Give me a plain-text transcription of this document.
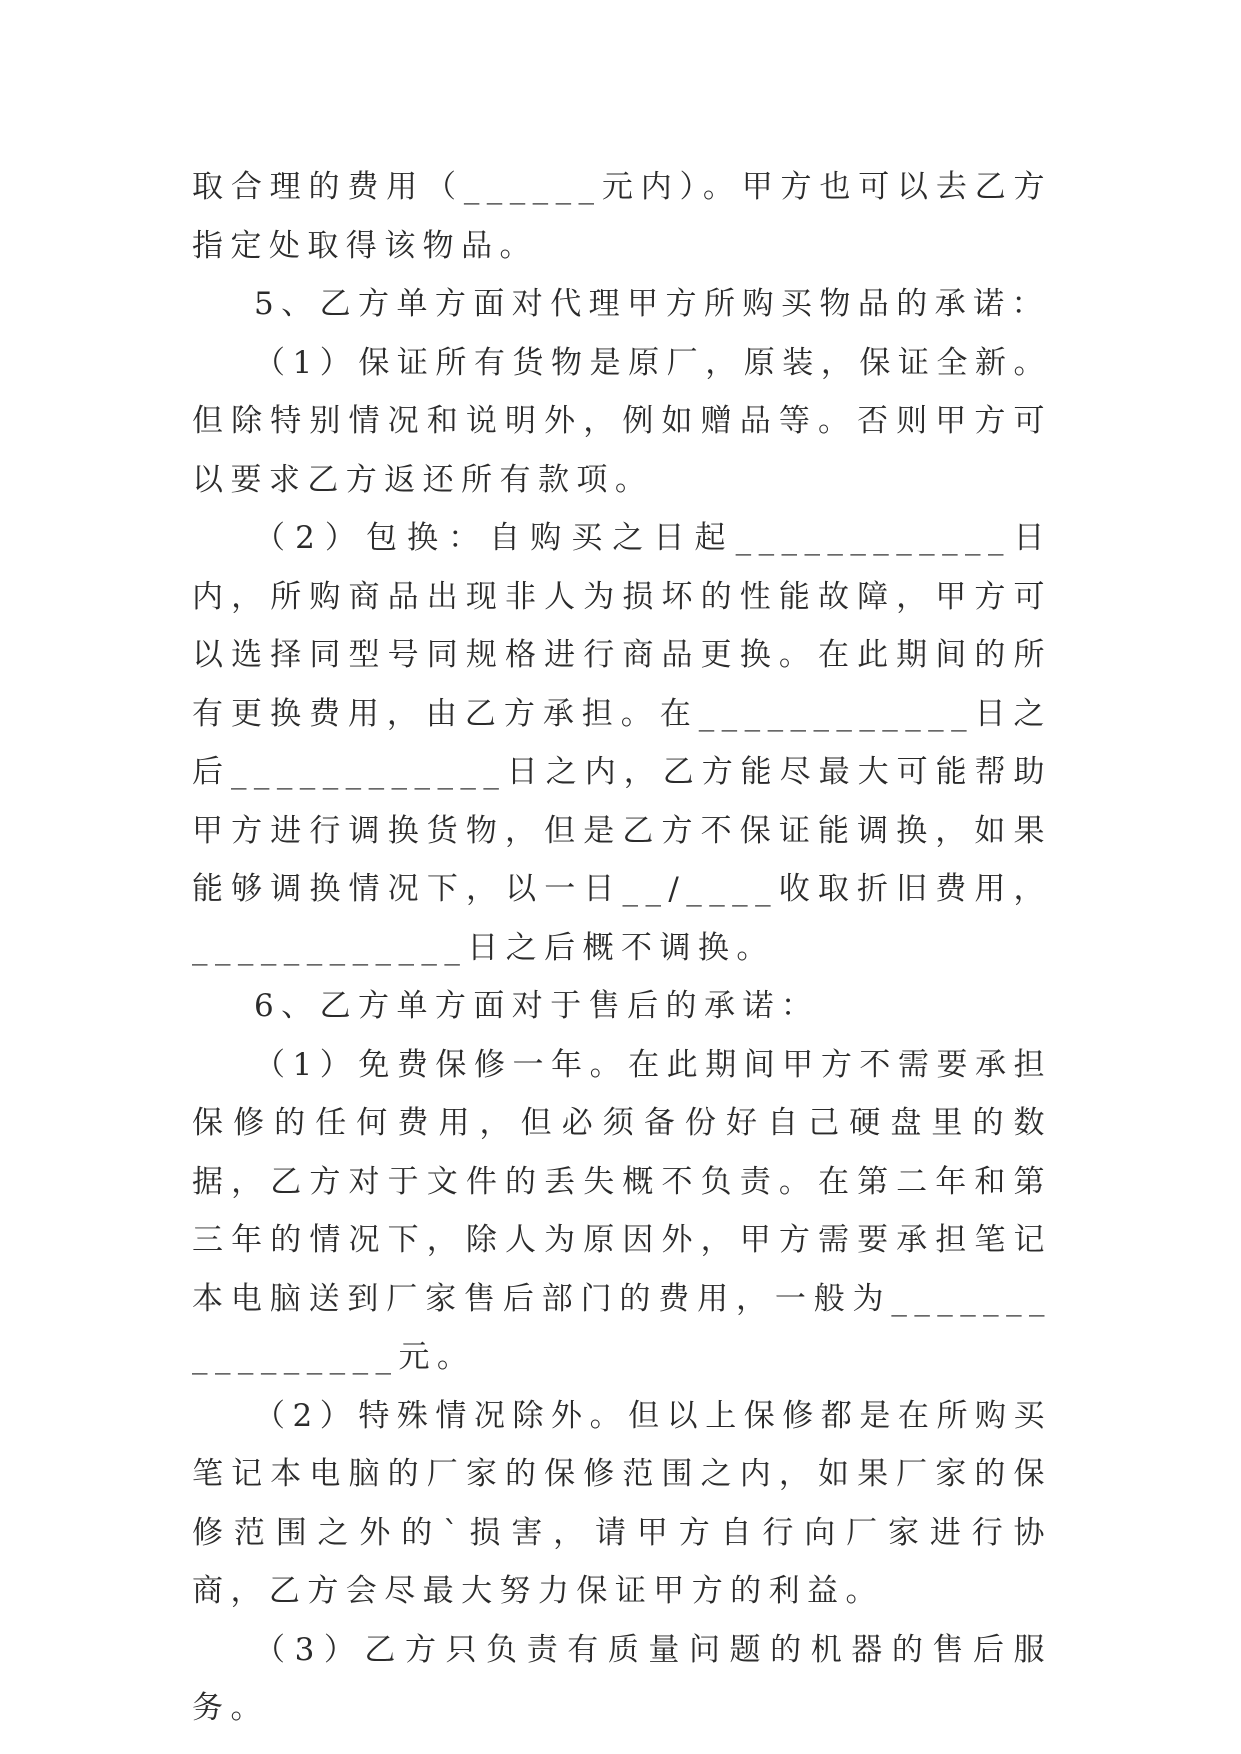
取合理的费用（______元内）。甲方也可以去乙方指定处取得该物品。

5、乙方单方面对代理甲方所购买物品的承诺：

（1）保证所有货物是原厂，原装，保证全新。但除特别情况和说明外，例如赠品等。否则甲方可以要求乙方返还所有款项。

（2）包换：自购买之日起____________日内，所购商品出现非人为损坏的性能故障，甲方可以选择同型号同规格进行商品更换。在此期间的所有更换费用，由乙方承担。在____________日之后____________日之内，乙方能尽最大可能帮助甲方进行调换货物，但是乙方不保证能调换，如果能够调换情况下，以一日__/____收取折旧费用，____________日之后概不调换。

6、乙方单方面对于售后的承诺：

（1）免费保修一年。在此期间甲方不需要承担保修的任何费用，但必须备份好自己硬盘里的数据，乙方对于文件的丢失概不负责。在第二年和第三年的情况下，除人为原因外，甲方需要承担笔记本电脑送到厂家售后部门的费用，一般为________________元。

（2）特殊情况除外。但以上保修都是在所购买笔记本电脑的厂家的保修范围之内，如果厂家的保修范围之外的`损害，请甲方自行向厂家进行协商，乙方会尽最大努力保证甲方的利益。

（3）乙方只负责有质量问题的机器的售后服务。
